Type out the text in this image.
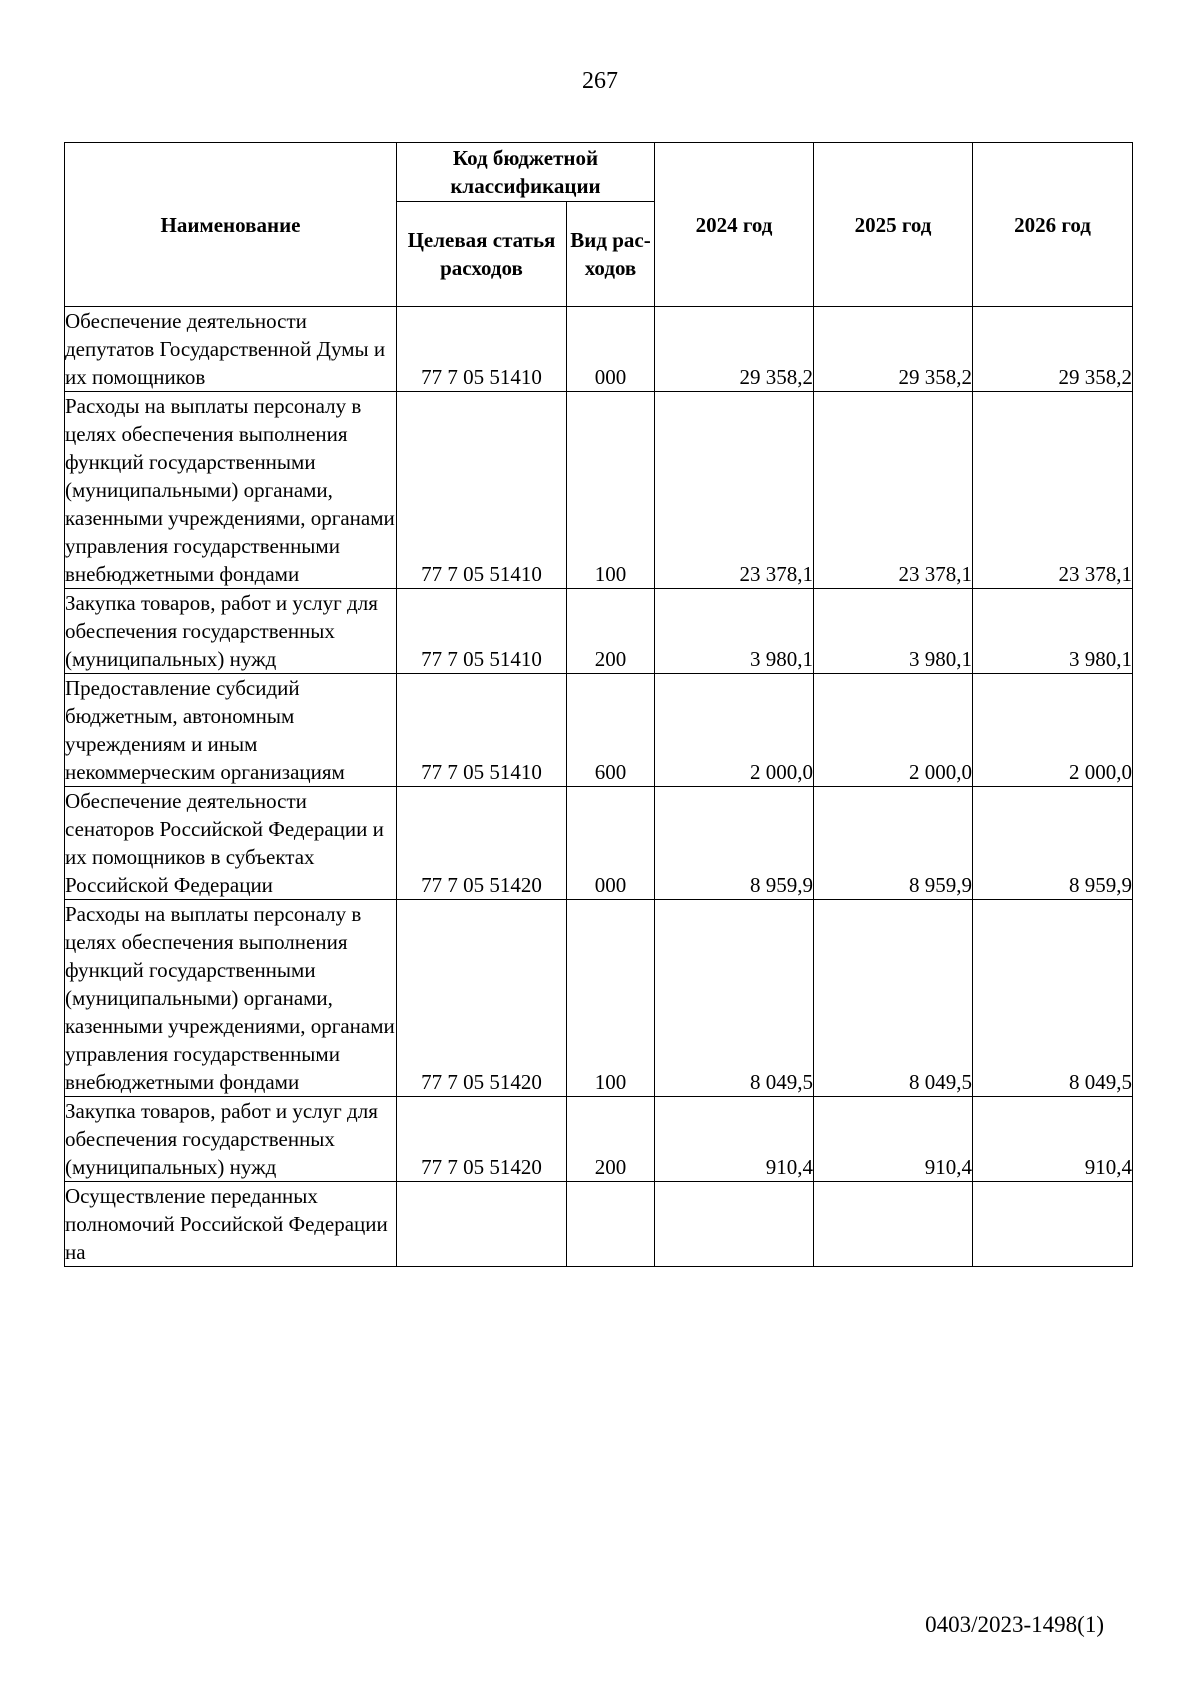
267
Наименование	Код бюджетной классификации		2024 год	2025 год	2026 год
	Целевая статья расходов	Вид рас-ходов			
Обеспечение деятельности депутатов Государственной Думы и их помощников	77 7 05 51410	000	29 358,2	29 358,2	29 358,2
Расходы на выплаты персоналу в целях обеспечения выполнения функций государственными (муниципальными) органами, казенными учреждениями, органами управления государственными внебюджетными фондами	77 7 05 51410	100	23 378,1	23 378,1	23 378,1
Закупка товаров, работ и услуг для обеспечения государственных (муниципальных) нужд	77 7 05 51410	200	3 980,1	3 980,1	3 980,1
Предоставление субсидий бюджетным, автономным учреждениям и иным некоммерческим организациям	77 7 05 51410	600	2 000,0	2 000,0	2 000,0
Обеспечение деятельности сенаторов Российской Федерации и их помощников в субъектах Российской Федерации	77 7 05 51420	000	8 959,9	8 959,9	8 959,9
Расходы на выплаты персоналу в целях обеспечения выполнения функций государственными (муниципальными) органами, казенными учреждениями, органами управления государственными внебюджетными фондами	77 7 05 51420	100	8 049,5	8 049,5	8 049,5
Закупка товаров, работ и услуг для обеспечения государственных (муниципальных) нужд	77 7 05 51420	200	910,4	910,4	910,4
Осуществление переданных полномочий Российской Федерации на					
0403/2023-1498(1)
